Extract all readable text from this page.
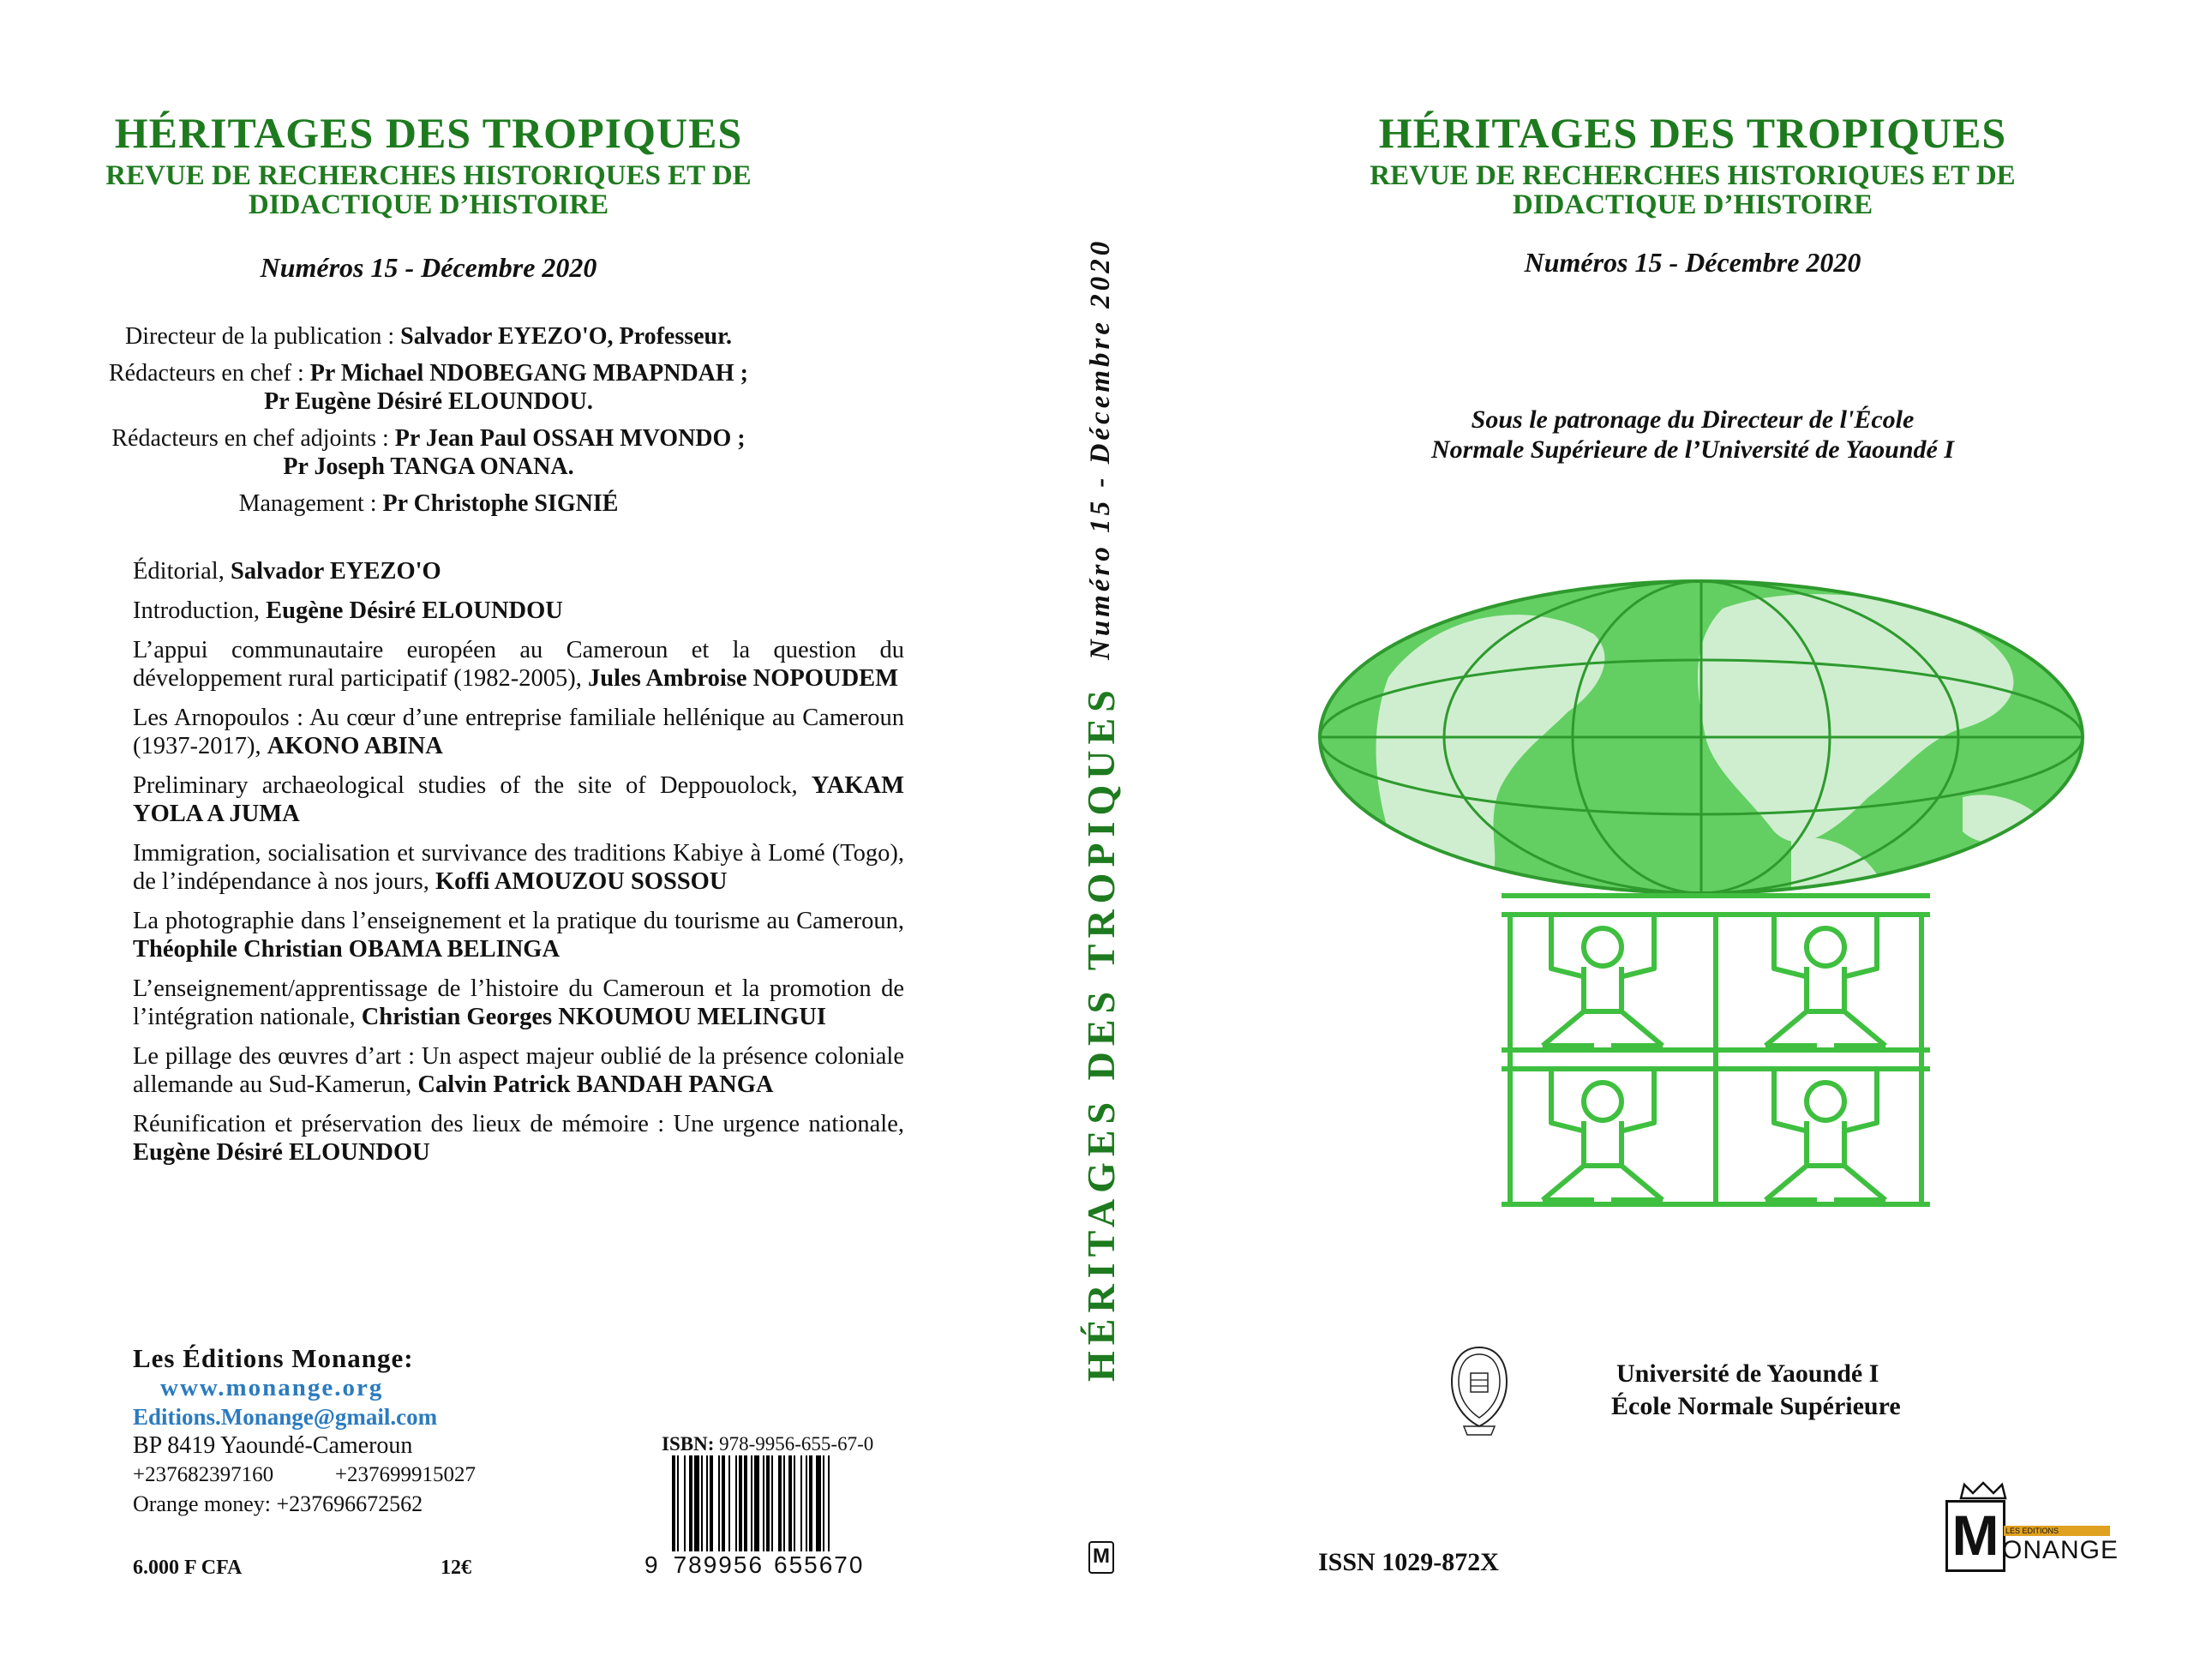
HÉRITAGES DES TROPIQUES
REVUE DE RECHERCHES HISTORIQUES ET DE
DIDACTIQUE D’HISTOIRE
Numéros 15 - Décembre 2020
Directeur de la publication : Salvador EYEZO'O, Professeur.
Rédacteurs en chef : Pr Michael NDOBEGANG MBAPNDAH ;
Pr Eugène Désiré ELOUNDOU.
Rédacteurs en chef adjoints : Pr Jean Paul OSSAH MVONDO ;
Pr Joseph TANGA ONANA.
Management : Pr Christophe SIGNIÉ

Éditorial, Salvador EYEZO'O

Introduction, Eugène Désiré ELOUNDOU

L’appui communautaire européen au Cameroun et la question du développement rural participatif (1982-2005), Jules Ambroise NOPOUDEM

Les Arnopoulos : Au cœur d’une entreprise familiale hellénique au Cameroun (1937-2017), AKONO ABINA

Preliminary archaeological studies of the site of Deppouolock, YAKAM YOLA A JUMA

Immigration, socialisation et survivance des traditions Kabiye à Lomé (Togo), de l’indépendance à nos jours, Koffi AMOUZOU SOSSOU

La photographie dans l’enseignement et la pratique du tourisme au Cameroun, Théophile Christian OBAMA BELINGA

L’enseignement/apprentissage de l’histoire du Cameroun et la promotion de l’intégration nationale, Christian Georges NKOUMOU MELINGUI

Le pillage des œuvres d’art : Un aspect majeur oublié de la présence coloniale allemande au Sud-Kamerun, Calvin Patrick BANDAH PANGA

Réunification et préservation des lieux de mémoire : Une urgence nationale, Eugène Désiré ELOUNDOU

Les Éditions Monange:
www.monange.org
Editions.Monange@gmail.com
BP 8419 Yaoundé-Cameroun
+237682397160	+237699915027
Orange money: +237696672562
6.000 F CFA	12€
ISBN: 978-9956-655-67-0
9 789956 655670
HÉRITAGES DES TROPIQUES
Numéro 15 - Décembre 2020
M
HÉRITAGES DES TROPIQUES
REVUE DE RECHERCHES HISTORIQUES ET DE
DIDACTIQUE D’HISTOIRE
Numéros 15 - Décembre 2020
Sous le patronage du Directeur de l'École
Normale Supérieure de l’Université de Yaoundé I
Université de Yaoundé I
École Normale Supérieure
ISSN 1029-872X	M LES EDITIONS
ONANGE
